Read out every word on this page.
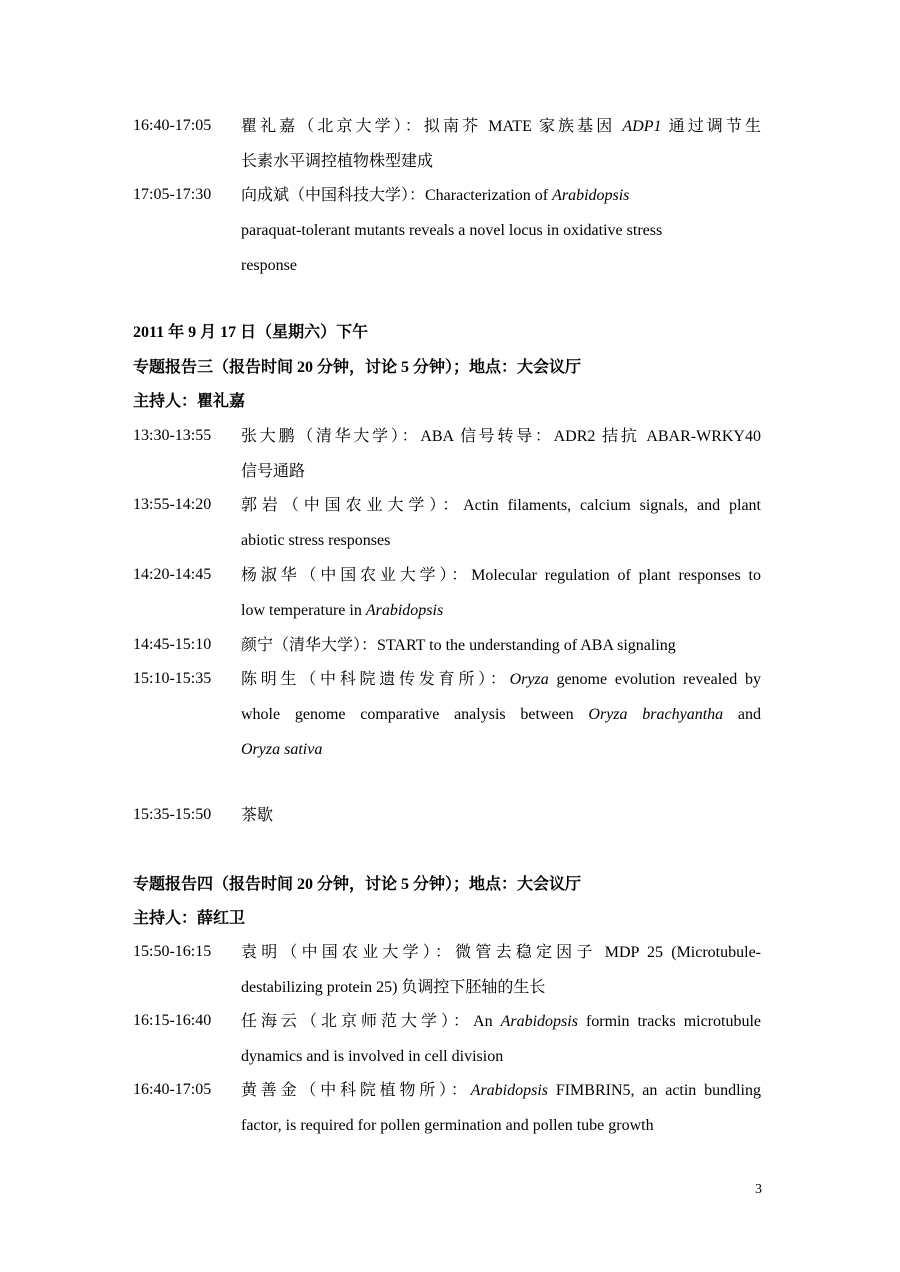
16:40-17:05 瞿礼嘉（北京大学）：拟南芥 MATE 家族基因 ADP1 通过调节生
长素水平调控植物株型建成
17:05-17:30 向成斌（中国科技大学）：Characterization of Arabidopsis
paraquat-tolerant mutants reveals a novel locus in oxidative stress
response
2011 年 9 月 17 日（星期六）下午
专题报告三（报告时间 20 分钟，讨论 5 分钟）；地点：大会议厅
主持人：瞿礼嘉
13:30-13:55 张大鹏（清华大学）：ABA 信号转导：ADR2 拮抗 ABAR-WRKY40
信号通路
13:55-14:20 郭岩（中国农业大学）：Actin filaments, calcium signals, and plant
abiotic stress responses
14:20-14:45 杨淑华（中国农业大学）：Molecular regulation of plant responses to
low temperature in Arabidopsis
14:45-15:10 颜宁（清华大学）：START to the understanding of ABA signaling
15:10-15:35 陈明生（中科院遗传发育所）：Oryza genome evolution revealed by
whole genome comparative analysis between Oryza brachyantha and
Oryza sativa
15:35-15:50 茶歇
专题报告四（报告时间 20 分钟，讨论 5 分钟）；地点：大会议厅
主持人：薛红卫
15:50-16:15 袁明（中国农业大学）：微管去稳定因子 MDP 25 (Microtubule-
destabilizing protein 25) 负调控下胚轴的生长
16:15-16:40 任海云（北京师范大学）：An Arabidopsis formin tracks microtubule
dynamics and is involved in cell division
16:40-17:05 黄善金（中科院植物所）：Arabidopsis FIMBRIN5, an actin bundling
factor, is required for pollen germination and pollen tube growth
3
